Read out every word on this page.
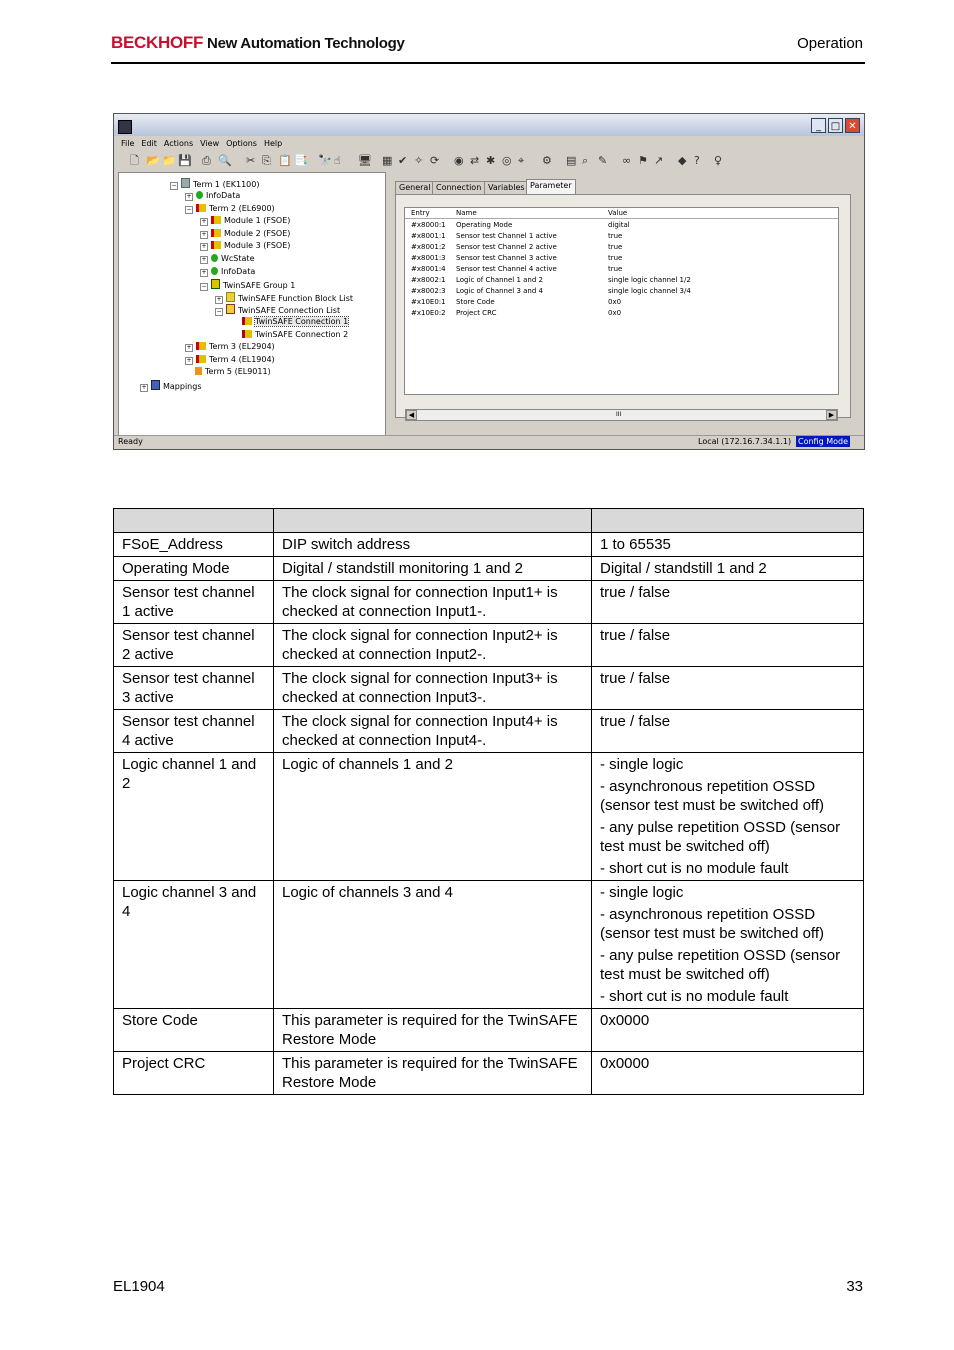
BECKHOFF New Automation Technology	Operation
_ □ ✕
File Edit Actions View Options Help
🗋 📂 📁 💾 ⎙ 🔍 ✂ ⎘ 📋 📑 🔭 ☝ 🖥 ▦ ✔ ✧ ⟳ ◉ ⇄ ✱ ◎ ⌖ ⚙ ▤ ⌕ ✎ ∞ ⚑ ↗ ◆ ? ♀
− Term 1 (EK1100)
+ InfoData
− Term 2 (EL6900)
+ Module 1 (FSOE)
+ Module 2 (FSOE)
+ Module 3 (FSOE)
+ WcState
+ InfoData
− TwinSAFE Group 1
+ TwinSAFE Function Block List
− TwinSAFE Connection List
TwinSAFE Connection 1
TwinSAFE Connection 2
+ Term 3 (EL2904)
+ Term 4 (EL1904)
Term 5 (EL9011)
+ Mappings
General Connection Variables Parameter
Entry	Name	Value
#x8000:1 Operating Mode	digital
#x8001:1 Sensor test Channel 1 active	true
#x8001:2 Sensor test Channel 2 active	true
#x8001:3 Sensor test Channel 3 active	true
#x8001:4 Sensor test Channel 4 active	true
#x8002:1 Logic of Channel 1 and 2	single logic channel 1/2
#x8002:3 Logic of Channel 3 and 4	single logic channel 3/4
#x10E0:1 Store Code	0x0
#x10E0:2 Project CRC	0x0
◀	III	▶
Ready	Local (172.16.7.34.1.1) Config Mode

FSoE_Address	DIP switch address	1 to 65535

Operating Mode	Digital / standstill monitoring 1 and 2	Digital / standstill 1 and 2

Sensor test channel 1 active	The clock signal for connection Input1+ is checked at connection Input1-.	true / false

Sensor test channel 2 active	The clock signal for connection Input2+ is checked at connection Input2-.	true / false

Sensor test channel 3 active	The clock signal for connection Input3+ is checked at connection Input3-.	true / false

Sensor test channel 4 active	The clock signal for connection Input4+ is checked at connection Input4-.	true / false

Logic channel 1 and 2	Logic of channels 1 and 2	- single logic
- asynchronous repetition OSSD (sensor test must be switched off)
- any pulse repetition OSSD (sensor test must be switched off)
- short cut is no module fault

Logic channel 3 and 4	Logic of channels 3 and 4	- single logic
- asynchronous repetition OSSD (sensor test must be switched off)
- any pulse repetition OSSD (sensor test must be switched off)
- short cut is no module fault

Store Code	This parameter is required for the TwinSAFE Restore Mode	0x0000

Project CRC	This parameter is required for the TwinSAFE Restore Mode	0x0000
EL1904	33
